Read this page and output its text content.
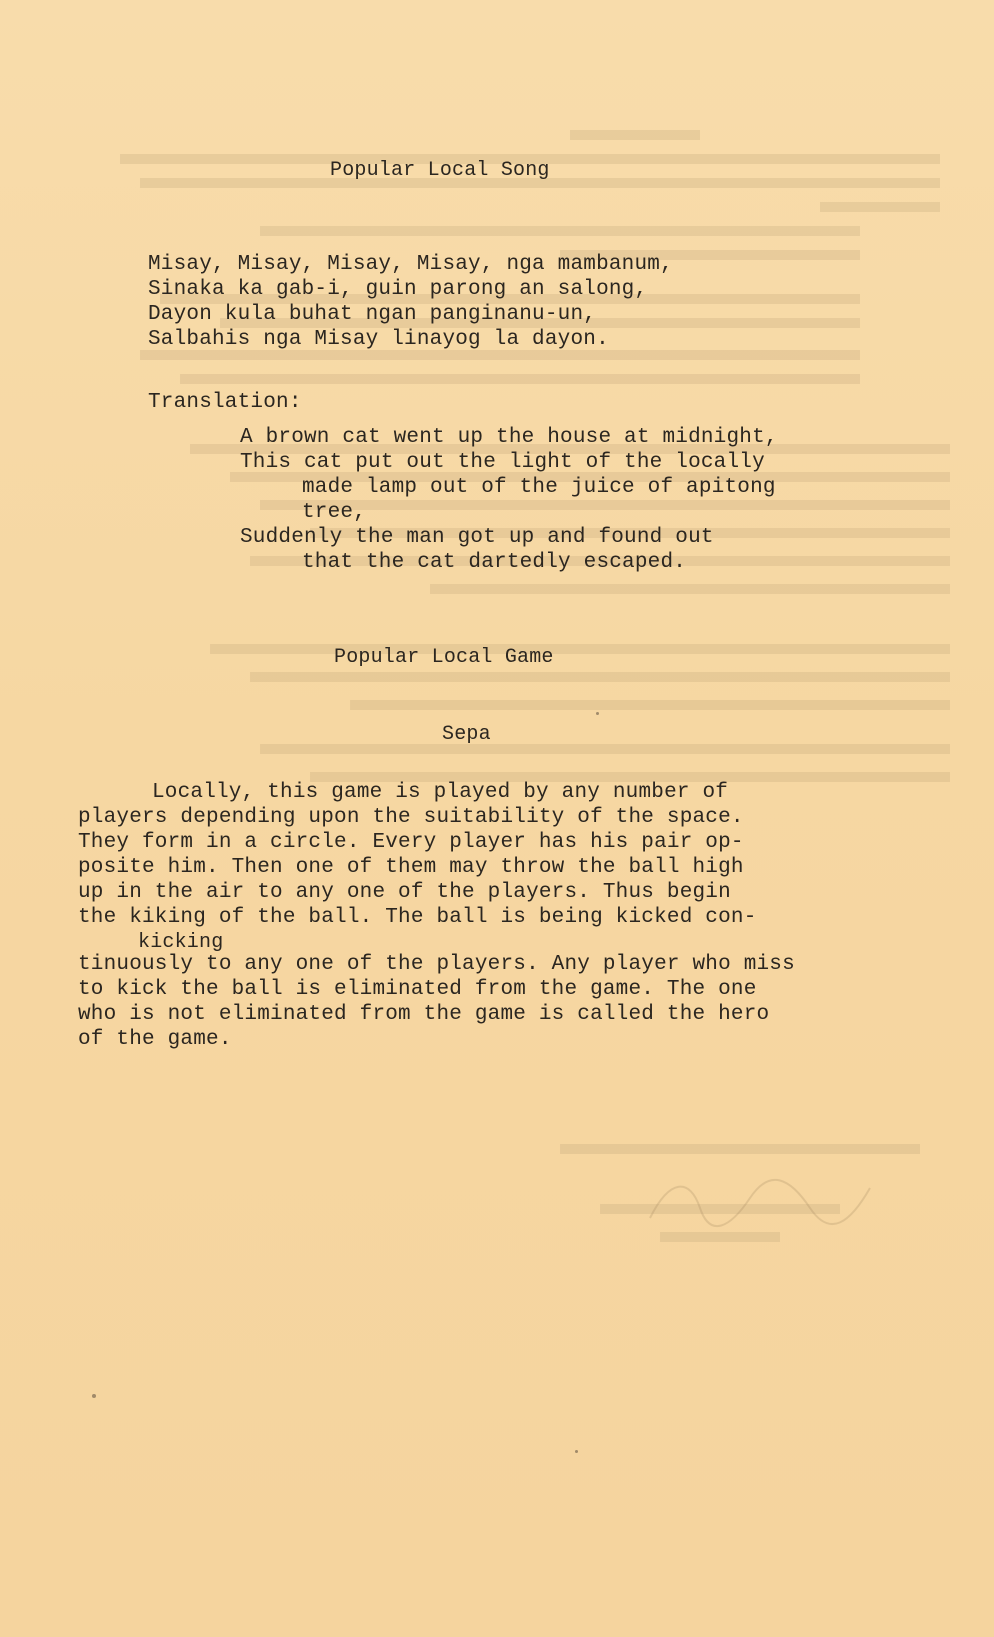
Popular Local Song
Misay, Misay, Misay, Misay, nga mambanum,
Sinaka ka gab-i, guin parong an salong,
Dayon kula buhat ngan panginanu-un,
Salbahis nga Misay linayog la dayon.
Translation:
A brown cat went up the house at midnight,
This cat put out the light of the locally
made lamp out of the juice of apitong
tree,
Suddenly the man got up and found out
that the cat dartedly escaped.
Popular Local Game
Sepa
Locally, this game is played by any number of
players depending upon the suitability of the space.
They form in a circle. Every player has his pair op-
posite him. Then one of them may throw the ball high
up in the air to any one of the players. Thus begin
the kiking of the ball. The ball is being kicked con-
kicking
tinuously to any one of the players. Any player who miss
to kick the ball is eliminated from the game. The one
who is not eliminated from the game is called the hero
of the game.
